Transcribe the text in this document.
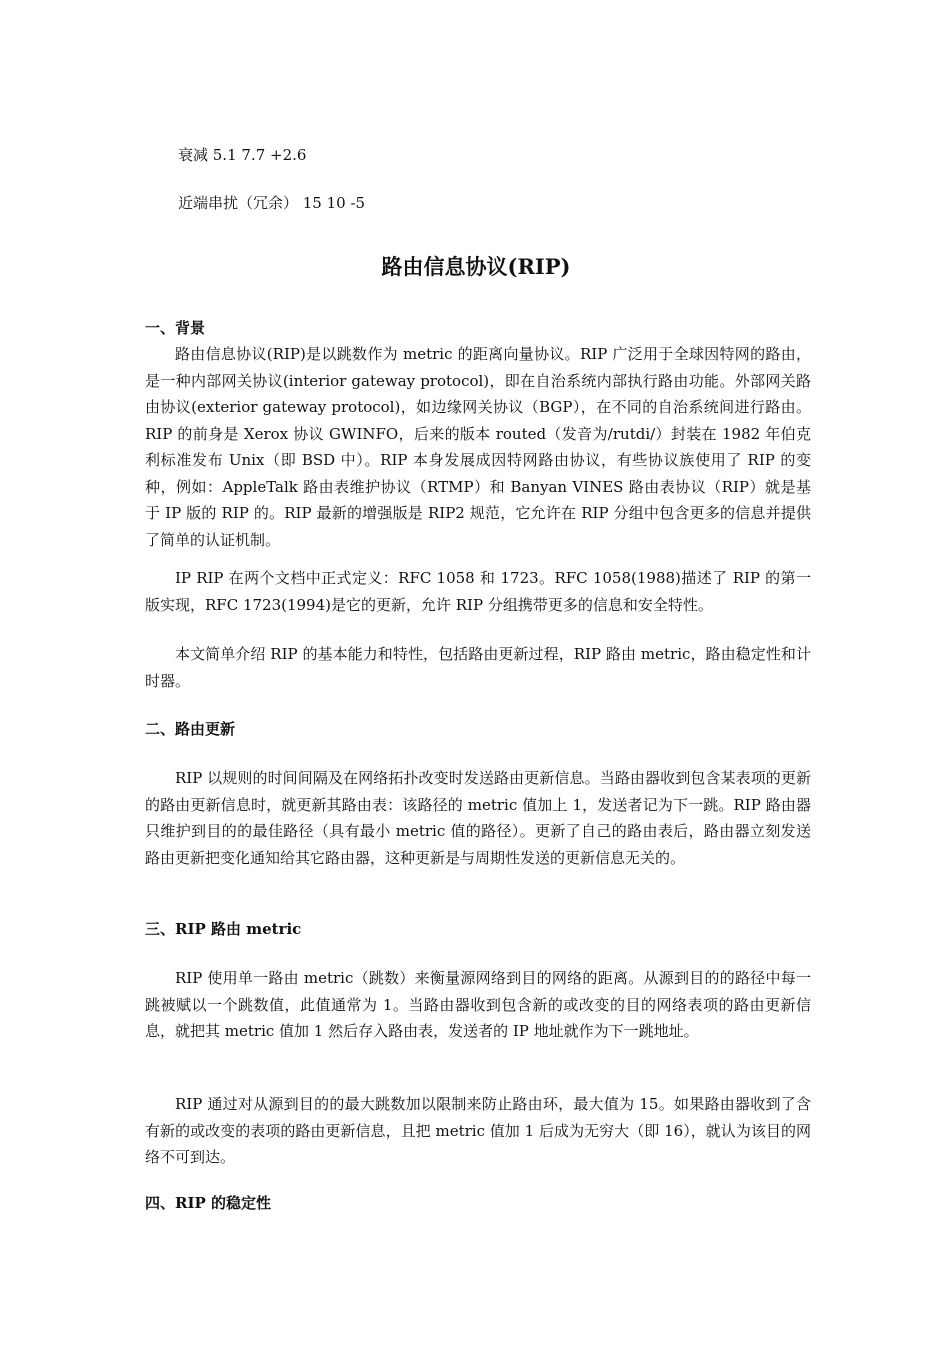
衰减 5.1 7.7 +2.6
近端串扰（冗余） 15 10 -5
路由信息协议(RIP)
一、背景

路由信息协议(RIP)是以跳数作为 metric 的距离向量协议。RIP 广泛用于全球因特网的路由，是一种内部网关协议(interior gateway protocol)，即在自治系统内部执行路由功能。外部网关路由协议(exterior gateway protocol)，如边缘网关协议（BGP），在不同的自治系统间进行路由。RIP 的前身是 Xerox 协议 GWINFO，后来的版本 routed（发音为/rutdi/）封装在 1982 年伯克利标准发布 Unix（即 BSD 中）。RIP 本身发展成因特网路由协议，有些协议族使用了 RIP 的变种，例如：AppleTalk 路由表维护协议（RTMP）和 Banyan VINES 路由表协议（RIP）就是基于 IP 版的 RIP 的。RIP 最新的增强版是 RIP2 规范，它允许在 RIP 分组中包含更多的信息并提供了简单的认证机制。

IP RIP 在两个文档中正式定义：RFC 1058 和 1723。RFC 1058(1988)描述了 RIP 的第一版实现，RFC 1723(1994)是它的更新，允许 RIP 分组携带更多的信息和安全特性。

本文简单介绍 RIP 的基本能力和特性，包括路由更新过程，RIP 路由 metric，路由稳定性和计时器。

二、路由更新

RIP 以规则的时间间隔及在网络拓扑改变时发送路由更新信息。当路由器收到包含某表项的更新的路由更新信息时，就更新其路由表：该路径的 metric 值加上 1，发送者记为下一跳。RIP 路由器只维护到目的的最佳路径（具有最小 metric 值的路径）。更新了自己的路由表后，路由器立刻发送路由更新把变化通知给其它路由器，这种更新是与周期性发送的更新信息无关的。

三、RIP 路由 metric

RIP 使用单一路由 metric（跳数）来衡量源网络到目的网络的距离。从源到目的的路径中每一跳被赋以一个跳数值，此值通常为 1。当路由器收到包含新的或改变的目的网络表项的路由更新信息，就把其 metric 值加 1 然后存入路由表，发送者的 IP 地址就作为下一跳地址。

RIP 通过对从源到目的的最大跳数加以限制来防止路由环，最大值为 15。如果路由器收到了含有新的或改变的表项的路由更新信息，且把 metric 值加 1 后成为无穷大（即 16），就认为该目的网络不可到达。

四、RIP 的稳定性
